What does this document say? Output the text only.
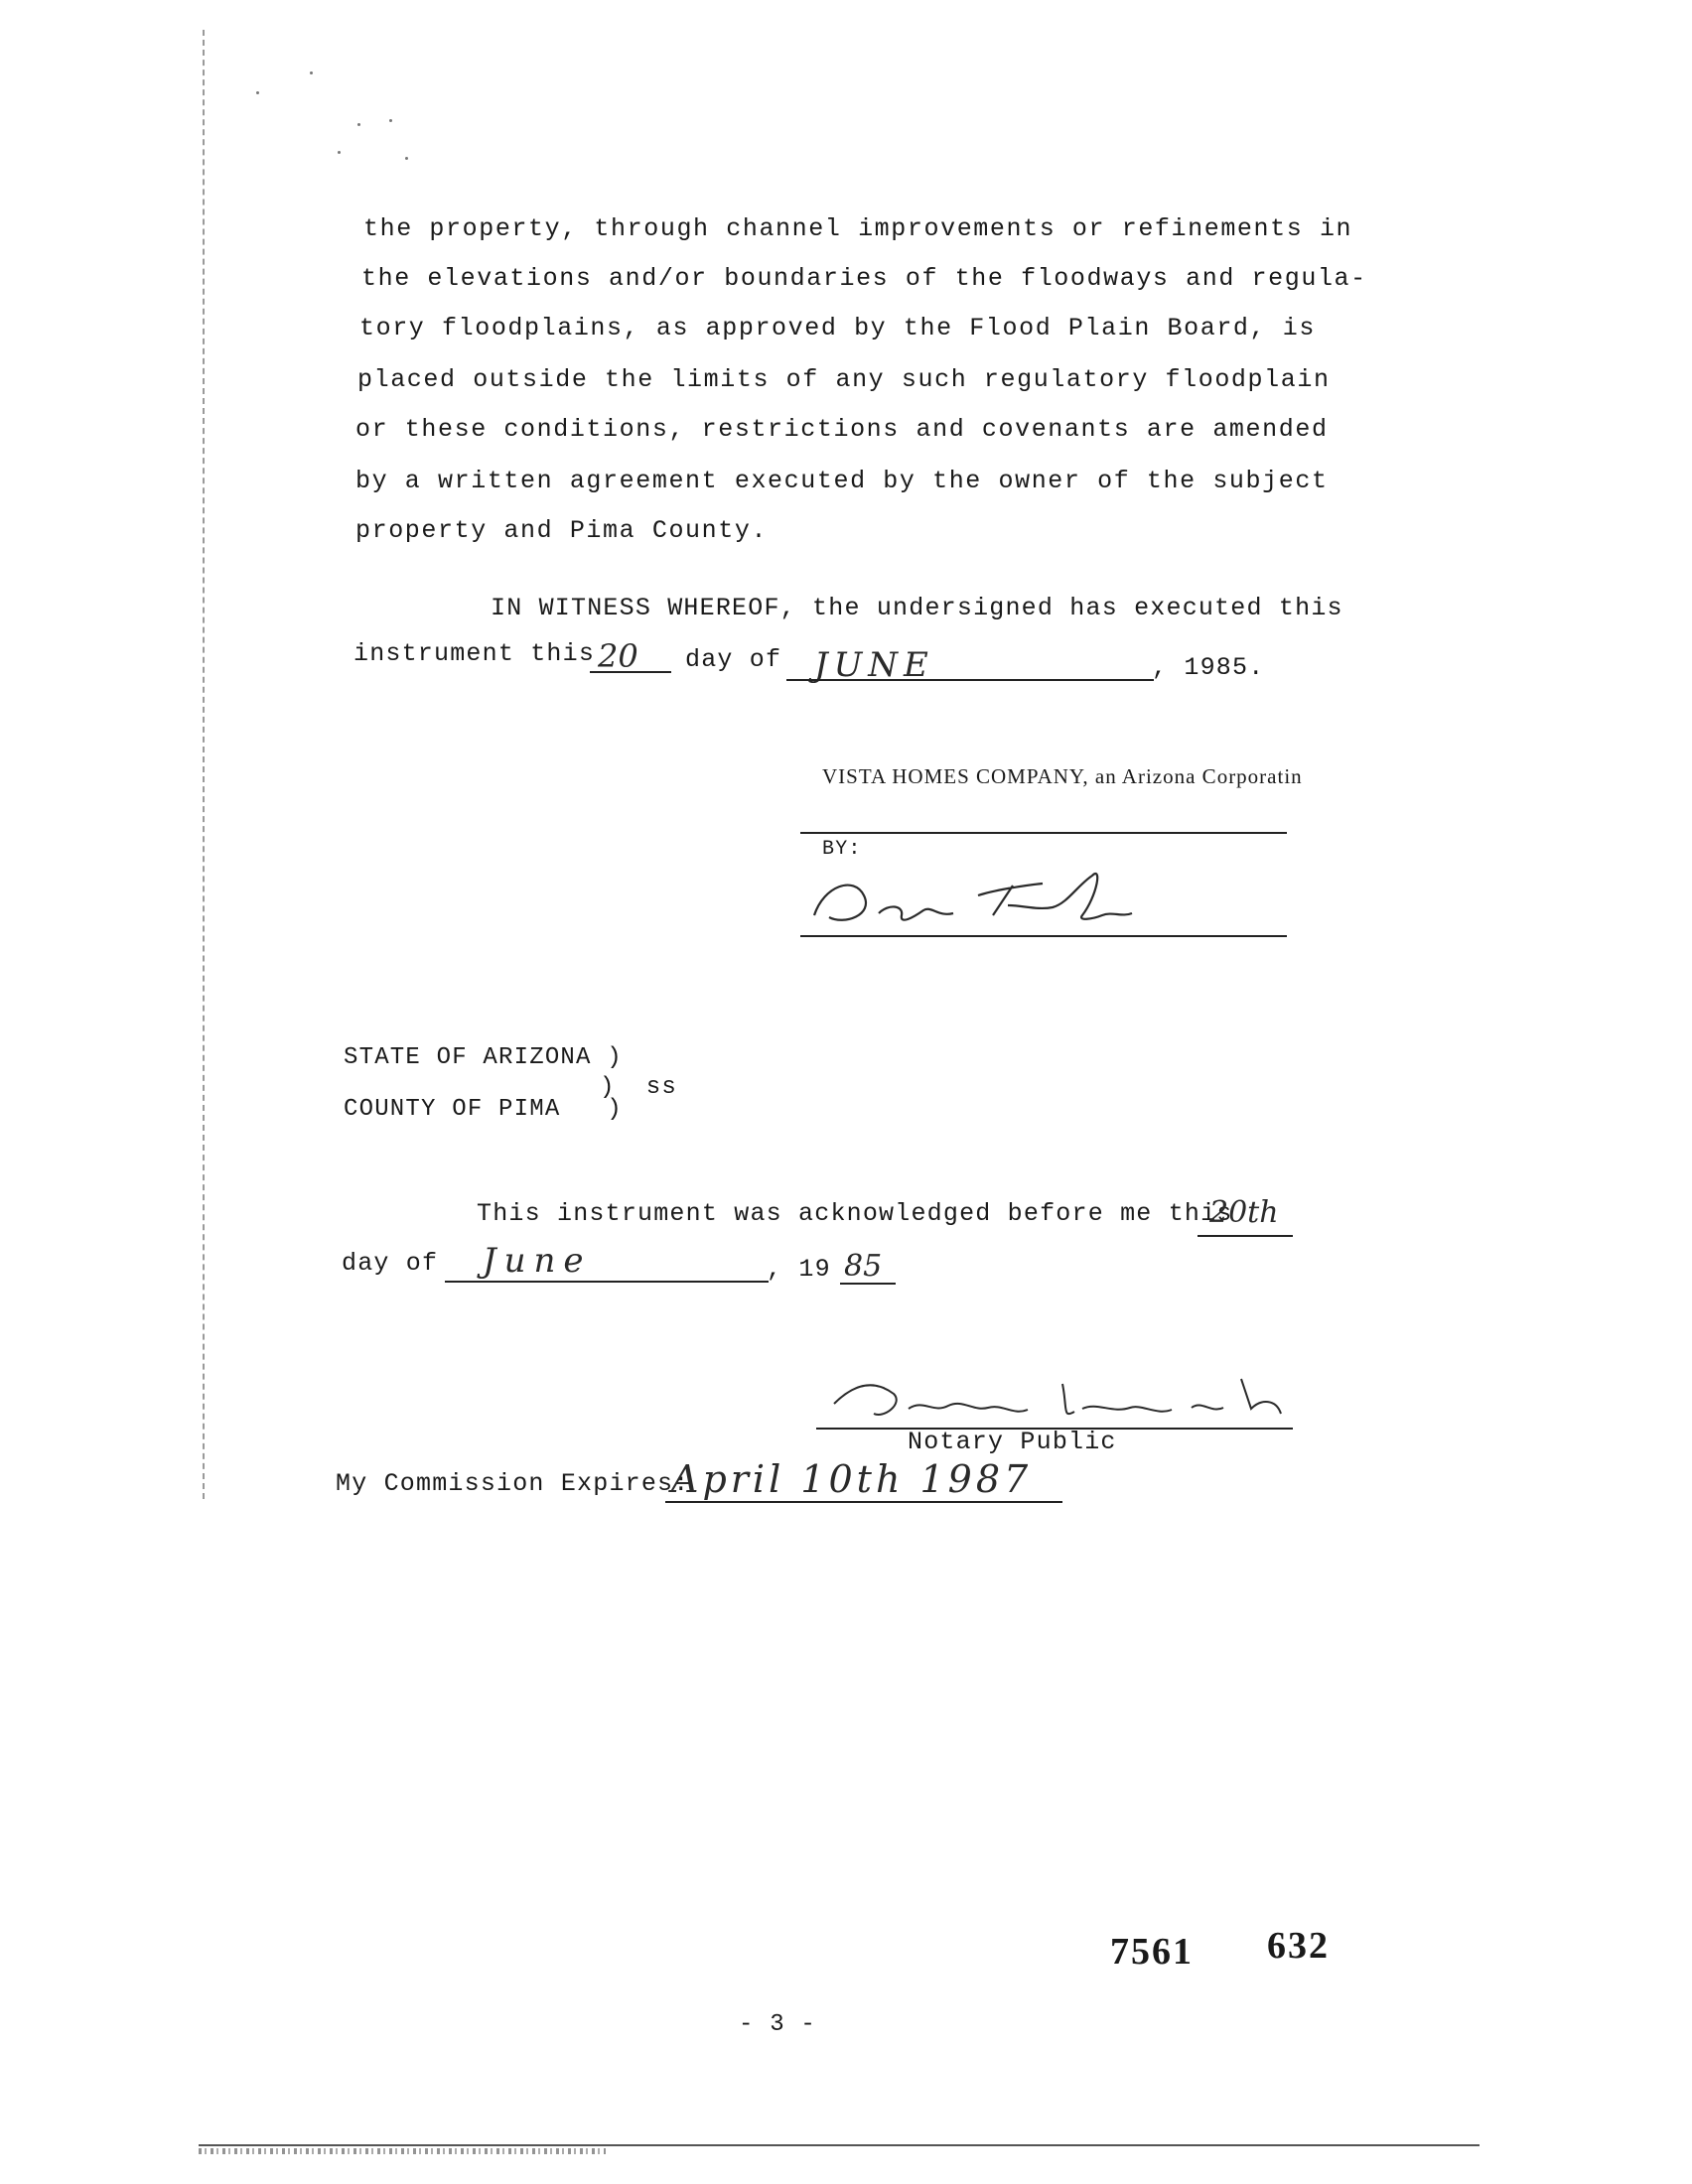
the property, through channel improvements or refinements in
the elevations and/or boundaries of the floodways and regula-
tory floodplains, as approved by the Flood Plain Board, is
placed outside the limits of any such regulatory floodplain
or these conditions, restrictions and covenants are amended
by a written agreement executed by the owner of the subject
property and Pima County.
IN WITNESS WHEREOF, the undersigned has executed this
instrument this 20 day of JUNE	, 1985.
VISTA HOMES COMPANY, an Arizona Corporatin
BY:
STATE OF ARIZONA )
)  ss
COUNTY OF PIMA   )
This instrument was acknowledged before me this
20th
day of June	, 19 85
Notary Public
My Commission Expires:
April 10th 1987
7561 632
- 3 -
